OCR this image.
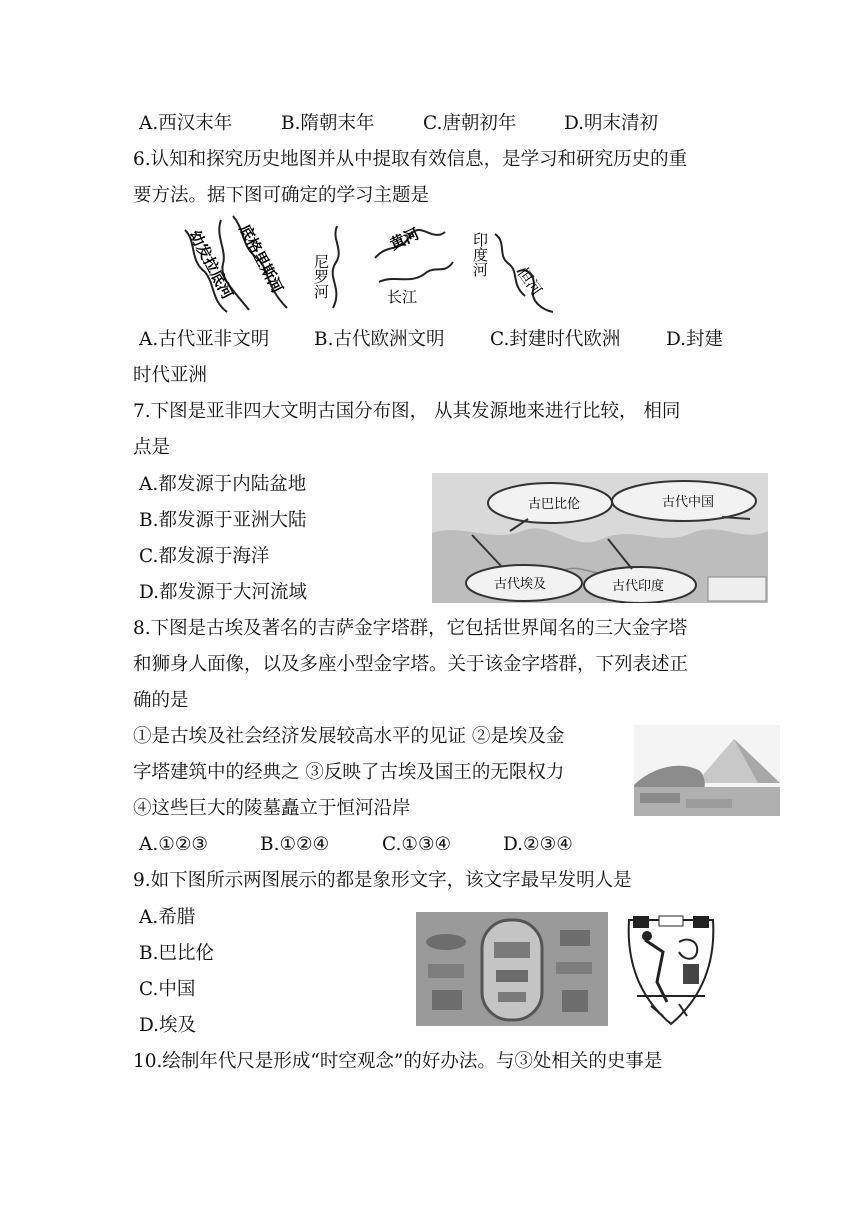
A.西汉末年	B.隋朝末年	C.唐朝初年	D.明末清初
6.认知和探究历史地图并从中提取有效信息，是学习和研究历史的重
要方法。据下图可确定的学习主题是
幼发拉底河
底格里斯河 尼罗河
黄河
长江
印度河
恒河
A.古代亚非文明 B.古代欧洲文明 C.封建时代欧洲 D.封建
时代亚洲
7.下图是亚非四大文明古国分布图， 从其发源地来进行比较， 相同
点是
A.都发源于内陆盆地
B.都发源于亚洲大陆
C.都发源于海洋
D.都发源于大河流域
古巴比伦	古代中国
古代埃及	古代印度
8.下图是古埃及著名的吉萨金字塔群，它包括世界闻名的三大金字塔
和狮身人面像，以及多座小型金字塔。关于该金字塔群，下列表述正
确的是
①是古埃及社会经济发展较高水平的见证 ②是埃及金
字塔建筑中的经典之 ③反映了古埃及国王的无限权力
④这些巨大的陵墓矗立于恒河沿岸
A.①②③	B.①②④	C.①③④	D.②③④
9.如下图所示两图展示的都是象形文字，该文字最早发明人是
A.希腊
B.巴比伦
C.中国
D.埃及
10.绘制年代尺是形成“时空观念”的好办法。与③处相关的史事是
